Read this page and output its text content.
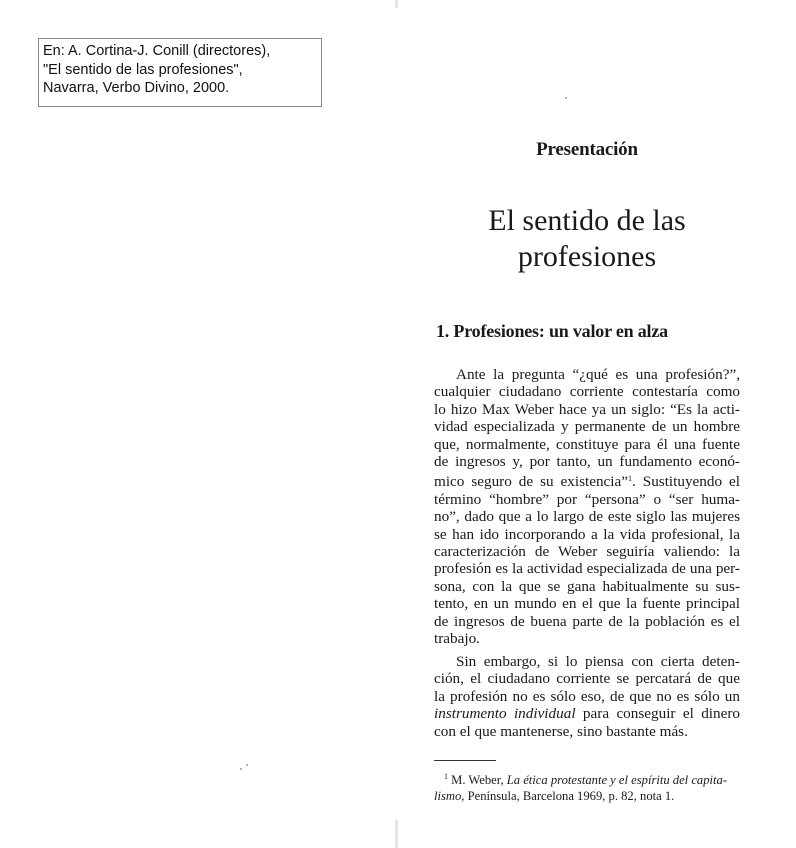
En: A. Cortina-J. Conill (directores),
"El sentido de las profesiones",
Navarra, Verbo Divino, 2000.
Presentación
El sentido de las
profesiones
1. Profesiones: un valor en alza
Ante la pregunta “¿qué es una profesión?”,
cualquier ciudadano corriente contestaría como
lo hizo Max Weber hace ya un siglo: “Es la acti-
vidad especializada y permanente de un hombre
que, normalmente, constituye para él una fuente
de ingresos y, por tanto, un fundamento econó-
mico seguro de su existencia”$^1$. Sustituyendo el
término “hombre” por “persona” o “ser huma-
no”, dado que a lo largo de este siglo las mujeres
se han ido incorporando a la vida profesional, la
caracterización de Weber seguiría valiendo: la
profesión es la actividad especializada de una per-
sona, con la que se gana habitualmente su sus-
tento, en un mundo en el que la fuente principal
de ingresos de buena parte de la población es el
trabajo.
Sin embargo, si lo piensa con cierta deten-
ción, el ciudadano corriente se percatará de que
la profesión no es sólo eso, de que no es sólo un
instrumento individual para conseguir el dinero
con el que mantenerse, sino bastante más.
$^1$ M. Weber, La ética protestante y el espíritu del capita-
lismo, Península, Barcelona 1969, p. 82, nota 1.
